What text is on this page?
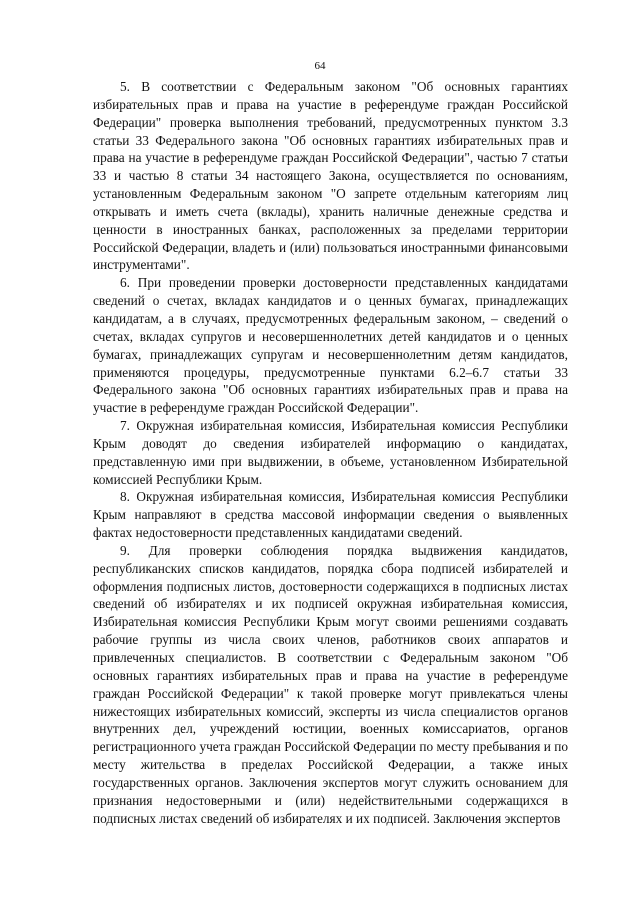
64

5. В соответствии с Федеральным законом "Об основных гарантиях избирательных прав и права на участие в референдуме граждан Российской Федерации" проверка выполнения требований, предусмотренных пунктом 3.3 статьи 33 Федерального закона "Об основных гарантиях избирательных прав и права на участие в референдуме граждан Российской Федерации", частью 7 статьи 33 и частью 8 статьи 34 настоящего Закона, осуществляется по основаниям, установленным Федеральным законом "О запрете отдельным категориям лиц открывать и иметь счета (вклады), хранить наличные денежные средства и ценности в иностранных банках, расположенных за пределами территории Российской Федерации, владеть и (или) пользоваться иностранными финансовыми инструментами".

6. При проведении проверки достоверности представленных кандидатами сведений о счетах, вкладах кандидатов и о ценных бумагах, принадлежащих кандидатам, а в случаях, предусмотренных федеральным законом, – сведений о счетах, вкладах супругов и несовершеннолетних детей кандидатов и о ценных бумагах, принадлежащих супругам и несовершеннолетним детям кандидатов, применяются процедуры, предусмотренные пунктами 6.2–6.7 статьи 33 Федерального закона "Об основных гарантиях избирательных прав и права на участие в референдуме граждан Российской Федерации".

7. Окружная избирательная комиссия, Избирательная комиссия Республики Крым доводят до сведения избирателей информацию о кандидатах, представленную ими при выдвижении, в объеме, установленном Избирательной комиссией Республики Крым.

8. Окружная избирательная комиссия, Избирательная комиссия Республики Крым направляют в средства массовой информации сведения о выявленных фактах недостоверности представленных кандидатами сведений.

9. Для проверки соблюдения порядка выдвижения кандидатов, республиканских списков кандидатов, порядка сбора подписей избирателей и оформления подписных листов, достоверности содержащихся в подписных листах сведений об избирателях и их подписей окружная избирательная комиссия, Избирательная комиссия Республики Крым могут своими решениями создавать рабочие группы из числа своих членов, работников своих аппаратов и привлеченных специалистов. В соответствии с Федеральным законом "Об основных гарантиях избирательных прав и права на участие в референдуме граждан Российской Федерации" к такой проверке могут привлекаться члены нижестоящих избирательных комиссий, эксперты из числа специалистов органов внутренних дел, учреждений юстиции, военных комиссариатов, органов регистрационного учета граждан Российской Федерации по месту пребывания и по месту жительства в пределах Российской Федерации, а также иных государственных органов. Заключения экспертов могут служить основанием для признания недостоверными и (или) недействительными содержащихся в подписных листах сведений об избирателях и их подписей. Заключения экспертов
